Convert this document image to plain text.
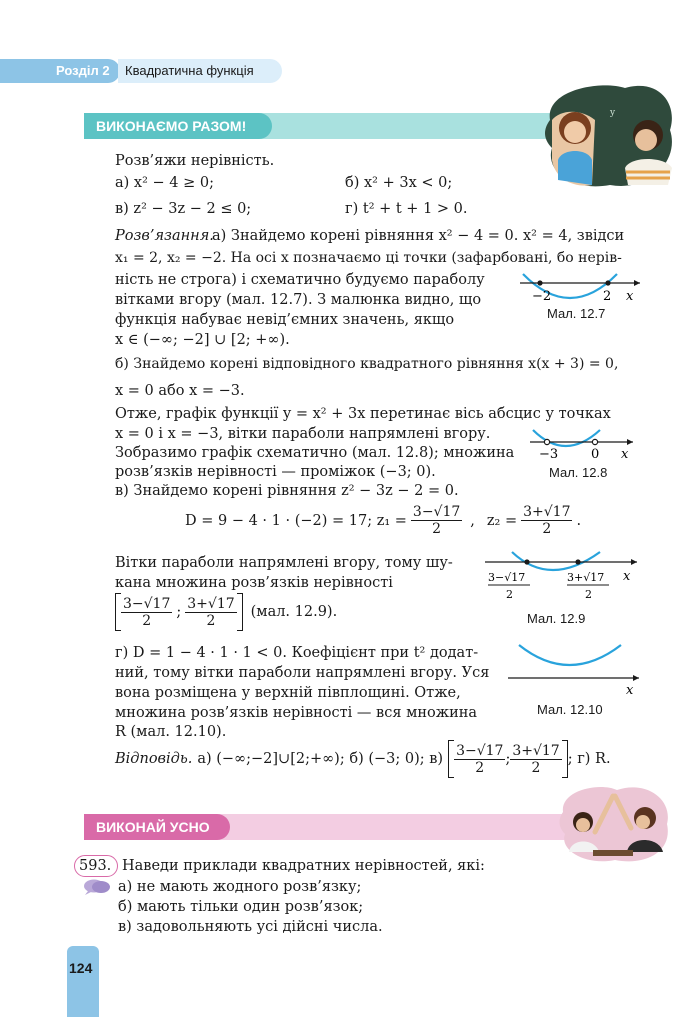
Розділ 2 Квадратична функція
ВИКОНАЄМО РАЗОМ!
y
Розв’яжи нерівність.
а) x² − 4 ≥ 0;	б) x² + 3x < 0;
в) z² − 3z − 2 ≤ 0;	г) t² + t + 1 > 0.
Розв’язання.
а) Знайдемо корені рівняння x² − 4 = 0. x² = 4, звідси
x₁ = 2, x₂ = −2. На осі x позначаємо ці точки (зафарбовані, бо нерів-
ність не строга) і схематично будуємо параболу
вітками вгору (мал. 12.7). З малюнка видно, що
функція набуває невід’ємних значень, якщо
x ∈ (−∞; −2] ∪ [2; +∞).
−2	2 x
Мал. 12.7
б) Знайдемо корені відповідного квадратного рівняння x(x + 3) = 0,
x = 0 або x = −3.
Отже, графік функції y = x² + 3x перетинає вісь абсцис у точках
x = 0 і x = −3, вітки параболи напрямлені вгору.
Зобразимо графік схематично (мал. 12.8); множина
розв’язків нерівності — проміжок (−3; 0).
−3	0 x
Мал. 12.8
в) Знайдемо корені рівняння z² − 3z − 2 = 0.
D = 9 − 4 · 1 · (−2) = 17; $z_1 = \frac{3-√17}{2}$ , $z_2 = \frac{3+√17}{2}$ .
Вітки параболи напрямлені вгору, тому шу-
кана множина розв’язків нерівності
$\frac{3-√17}{2}$ ; $\frac{3+√17}{2} (мал$. 12.9).
3−√17
2
3+√17
2
x
Мал. 12.9
г) D = 1 − 4 · 1 · 1 < 0. Коефіцієнт при t² додат-
ний, тому вітки параболи напрямлені вгору. Уся
вона розміщена у верхній півплощині. Отже,
множина розв’язків нерівності — вся множина
R (мал. 12.10).
x
Мал. 12.10
Відповідь. а) (−∞;−2]∪[2;+∞); б) (−3; 0); $в) \frac{3-√17}{2}$ ; $\frac{3+√17}{2}$ ; г) R.
ВИКОНАЙ УСНО
593. Наведи приклади квадратних нерівностей, які:
а) не мають жодного розв’язку;
б) мають тільки один розв’язок;
в) задовольняють усі дійсні числа.
124
